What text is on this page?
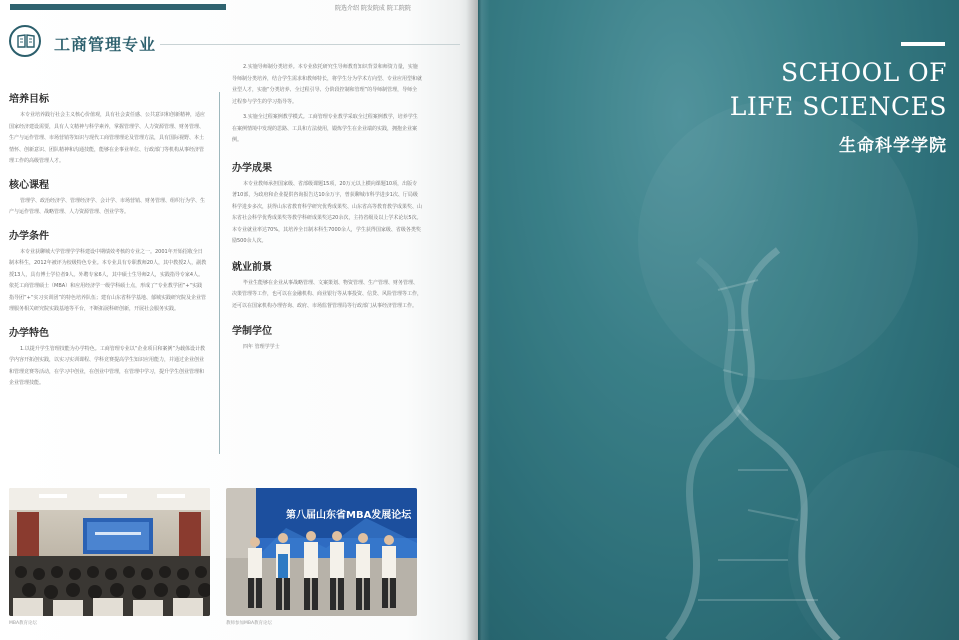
院选介绍 院发院成 院工院院
工商管理专业
培养目标

本专业培养践行社会主义核心价值观，具有社会责任感、公共意识和创新精神，适应国家经济建设需要，具有人文精神与科学素养，掌握管理学、人力资源管理、财务管理、生产与运作管理、市场营销等知识与现代工商管理理论及管理方法，具有国际视野、本土情怀、创新意识、团队精神和沟通技能，能够在企事业单位、行政部门等机构从事经济管理工作的高级管理人才。

核心课程

管理学、政治经济学、管理经济学、会计学、市场营销、财务管理、组织行为学、生产与运作管理、战略管理、人力资源管理、创业学等。

办学条件

本专业获聊城大学管理学学科建设中期绩效考核的专业之一。2001年开始招收全日制本科生，2012年被评为校级特色专业。本专业具有专职教师20人，其中教授2人，副教授13人，具有博士学位者9人。外聘专家6人，其中硕士生导师2人，实践指导专家4人。依托工商管理硕士（MBA）和应用经济学一级学科硕士点，形成了“专业教学团”+“实践指导团”+“实习实训团”的特色培养队伍；建有山东省科学基地、郁城实践研究院及企业管理服务相关研究院实践基地等平台，不断拓展科研创新，开展社会服务实践。

办学特色

1.以提升学生管理技能为办学特色。工商管理专业以“企业项目和案例”为载体设计教学内容开拓创实践，以实习实训课程、学科竞赛提高学生知识应用能力，并通过企业创业和管理竞赛等活动，在学习中创业，在创业中管理，在管理中学习，提升学生创业管理和企业管理技能。

2.实施导师制分类培养。本专业依托研究生导师教育知识背景和师资力量，实施导师制分类培养，结合学生需求和教师特长，将学生分为学术方向型、专业应用型和就业型人才，实施“分类培养、全过程引导、分阶段控制和管理”的导师制管理，导师全过程参与学生的学习指导等。

3.实施全过程案例教学模式。工商管理专业教学采取全过程案例教学，培养学生在案例情境中发现的思路、工具和方法使用，锻炼学生在企业端的实践，拥抱企业案例。

办学成果

本专业教师承担国家级、省部级课题15项，20万元以上横向课题10项，出版专著10部，为政府和企业提供咨询报告达10余万字，曾获聊城市科学进步1次、厅局级科学进步多次，获得山东省教育科学研究优秀成果奖、山东省高等教育教学成果奖、山东省社会科学优秀成果奖等教学科研成果奖达20余次，主持省级及以上学术论坛5次。本专业就业率达70%，其培养全日制本科生7000余人，学生获得国家级、省级各类奖励500余人次。

就业前景

毕业生能够在企业从事战略管理、文案策划、物资管理、生产管理、财务管理、决策管理等工作，也可以在金融机构、商业银行等从事投资、信贷、风险管理等工作，还可以在国家机构办理咨询、政府、市场监督管理局等行政部门从事经济管理工作。

学制学位

四年 管理学学士

MBA教育论坛
第八届山东省MBA发展论坛
教师参加MBA教育论坛
SCHOOL OF
LIFE SCIENCES
生命科学学院
